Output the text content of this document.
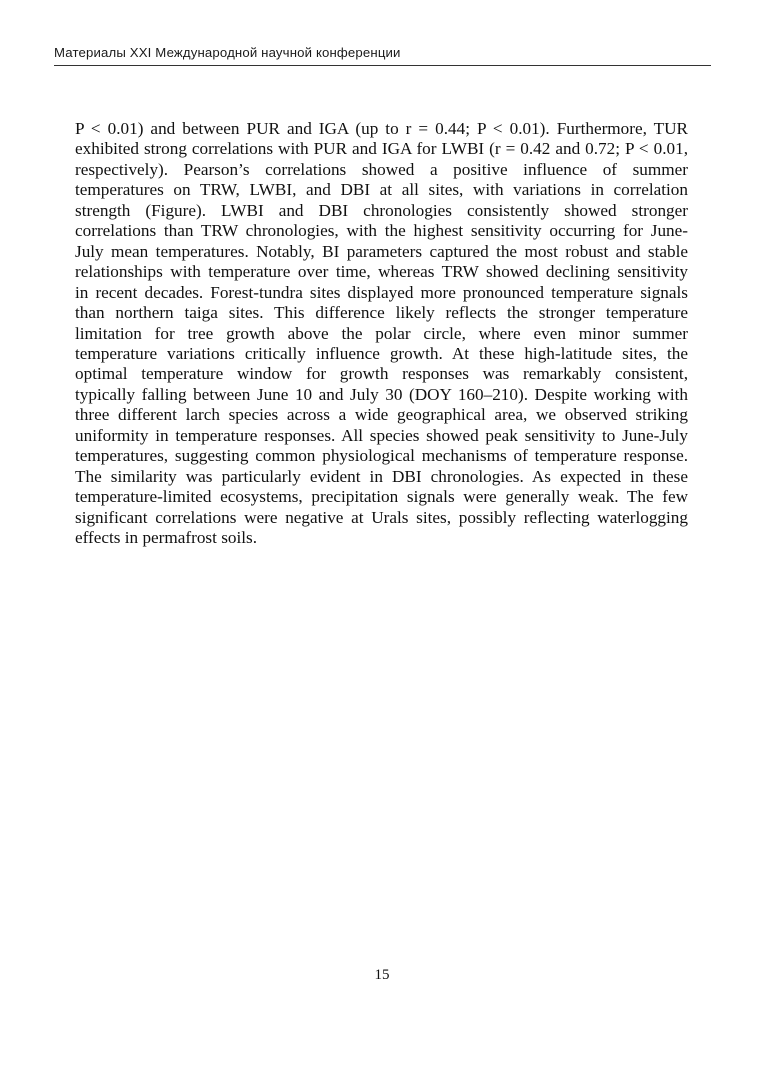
Материалы XXI Международной научной конференции
P < 0.01) and between PUR and IGA (up to r = 0.44; P < 0.01). Furthermore, TUR
exhibited strong correlations with PUR and IGA for LWBI (r = 0.42 and 0.72; P < 0.01,
respectively). Pearson’s correlations showed a positive influence of summer
temperatures on TRW, LWBI, and DBI at all sites, with variations in correlation
strength (Figure). LWBI and DBI chronologies consistently showed stronger
correlations than TRW chronologies, with the highest sensitivity occurring for June-
July mean temperatures. Notably, BI parameters captured the most robust and stable
relationships with temperature over time, whereas TRW showed declining sensitivity
in recent decades. Forest-tundra sites displayed more pronounced temperature signals
than northern taiga sites. This difference likely reflects the stronger temperature
limitation for tree growth above the polar circle, where even minor summer
temperature variations critically influence growth. At these high-latitude sites, the
optimal temperature window for growth responses was remarkably consistent,
typically falling between June 10 and July 30 (DOY 160–210). Despite working with
three different larch species across a wide geographical area, we observed striking
uniformity in temperature responses. All species showed peak sensitivity to June-July
temperatures, suggesting common physiological mechanisms of temperature response.
The similarity was particularly evident in DBI chronologies. As expected in these
temperature-limited ecosystems, precipitation signals were generally weak. The few
significant correlations were negative at Urals sites, possibly reflecting waterlogging
effects in permafrost soils.
15
